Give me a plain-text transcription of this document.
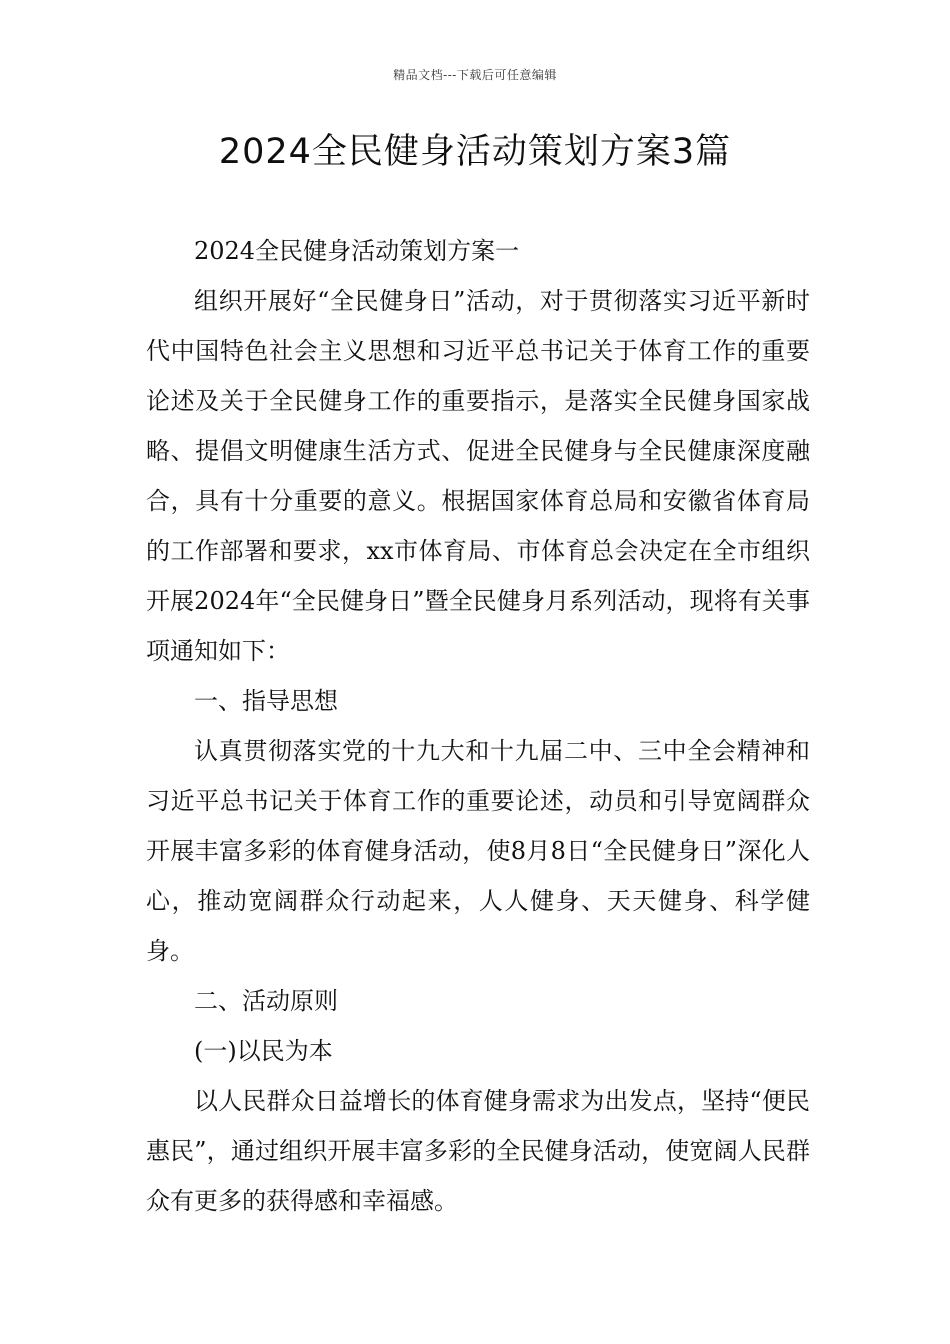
精品文档---下载后可任意编辑
2024全民健身活动策划方案3篇

2024全民健身活动策划方案一

组织开展好“全民健身日”活动，对于贯彻落实习近平新时代中国特色社会主义思想和习近平总书记关于体育工作的重要论述及关于全民健身工作的重要指示，是落实全民健身国家战略、提倡文明健康生活方式、促进全民健身与全民健康深度融合，具有十分重要的意义。根据国家体育总局和安徽省体育局的工作部署和要求，xx市体育局、市体育总会决定在全市组织开展2024年“全民健身日”暨全民健身月系列活动，现将有关事项通知如下：

一、指导思想

认真贯彻落实党的十九大和十九届二中、三中全会精神和习近平总书记关于体育工作的重要论述，动员和引导宽阔群众开展丰富多彩的体育健身活动，使8月8日“全民健身日”深化人心，推动宽阔群众行动起来，人人健身、天天健身、科学健身。

二、活动原则

(一)以民为本

以人民群众日益增长的体育健身需求为出发点，坚持“便民惠民”，通过组织开展丰富多彩的全民健身活动，使宽阔人民群众有更多的获得感和幸福感。
